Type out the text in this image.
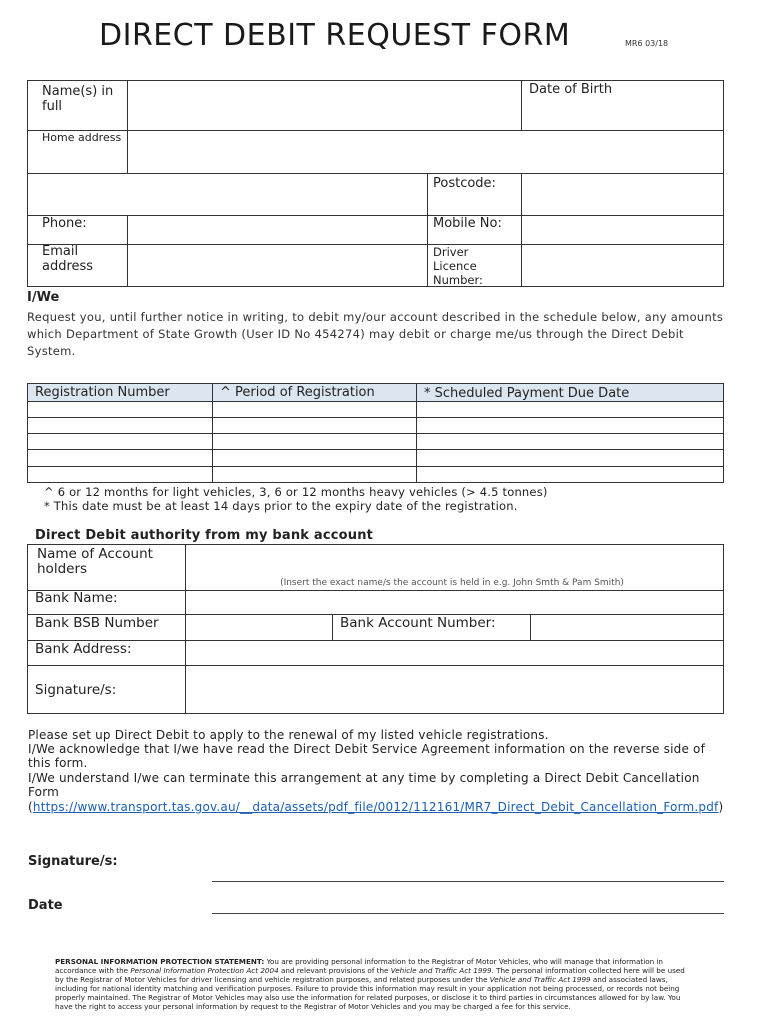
DIRECT DEBIT REQUEST FORM	MR6 03/18
Name(s) in full
Date of Birth
Home address
Postcode:
Phone:	Mobile No:
Email address
Driver Licence Number:
I/We
Request you, until further notice in writing, to debit my/our account described in the schedule below, any amounts which Department of State Growth (User ID No 454274) may debit or charge me/us through the Direct Debit System.
Registration Number	^ Period of Registration	* Scheduled Payment Due Date
^ 6 or 12 months for light vehicles, 3, 6 or 12 months heavy vehicles (> 4.5 tonnes)
* This date must be at least 14 days prior to the expiry date of the registration.
Direct Debit authority from my bank account
Name of Account holders
(Insert the exact name/s the account is held in e.g. John Smth & Pam Smith)
Bank Name:
Bank BSB Number	Bank Account Number:
Bank Address:
Signature/s:
Please set up Direct Debit to apply to the renewal of my listed vehicle registrations.
I/We acknowledge that I/we have read the Direct Debit Service Agreement information on the reverse side of this form.
I/We understand I/we can terminate this arrangement at any time by completing a Direct Debit Cancellation Form
(https://www.transport.tas.gov.au/__data/assets/pdf_file/0012/112161/MR7_Direct_Debit_Cancellation_Form.pdf)
Signature/s:
Date
PERSONAL INFORMATION PROTECTION STATEMENT: You are providing personal information to the Registrar of Motor Vehicles, who will manage that information in accordance with the Personal Information Protection Act 2004 and relevant provisions of the Vehicle and Traffic Act 1999. The personal information collected here will be used by the Registrar of Motor Vehicles for driver licensing and vehicle registration purposes, and related purposes under the Vehicle and Traffic Act 1999 and associated laws, including for national identity matching and verification purposes. Failure to provide this information may result in your application not being processed, or records not being properly maintained. The Registrar of Motor Vehicles may also use the information for related purposes, or disclose it to third parties in circumstances allowed for by law. You have the right to access your personal information by request to the Registrar of Motor Vehicles and you may be charged a fee for this service.
